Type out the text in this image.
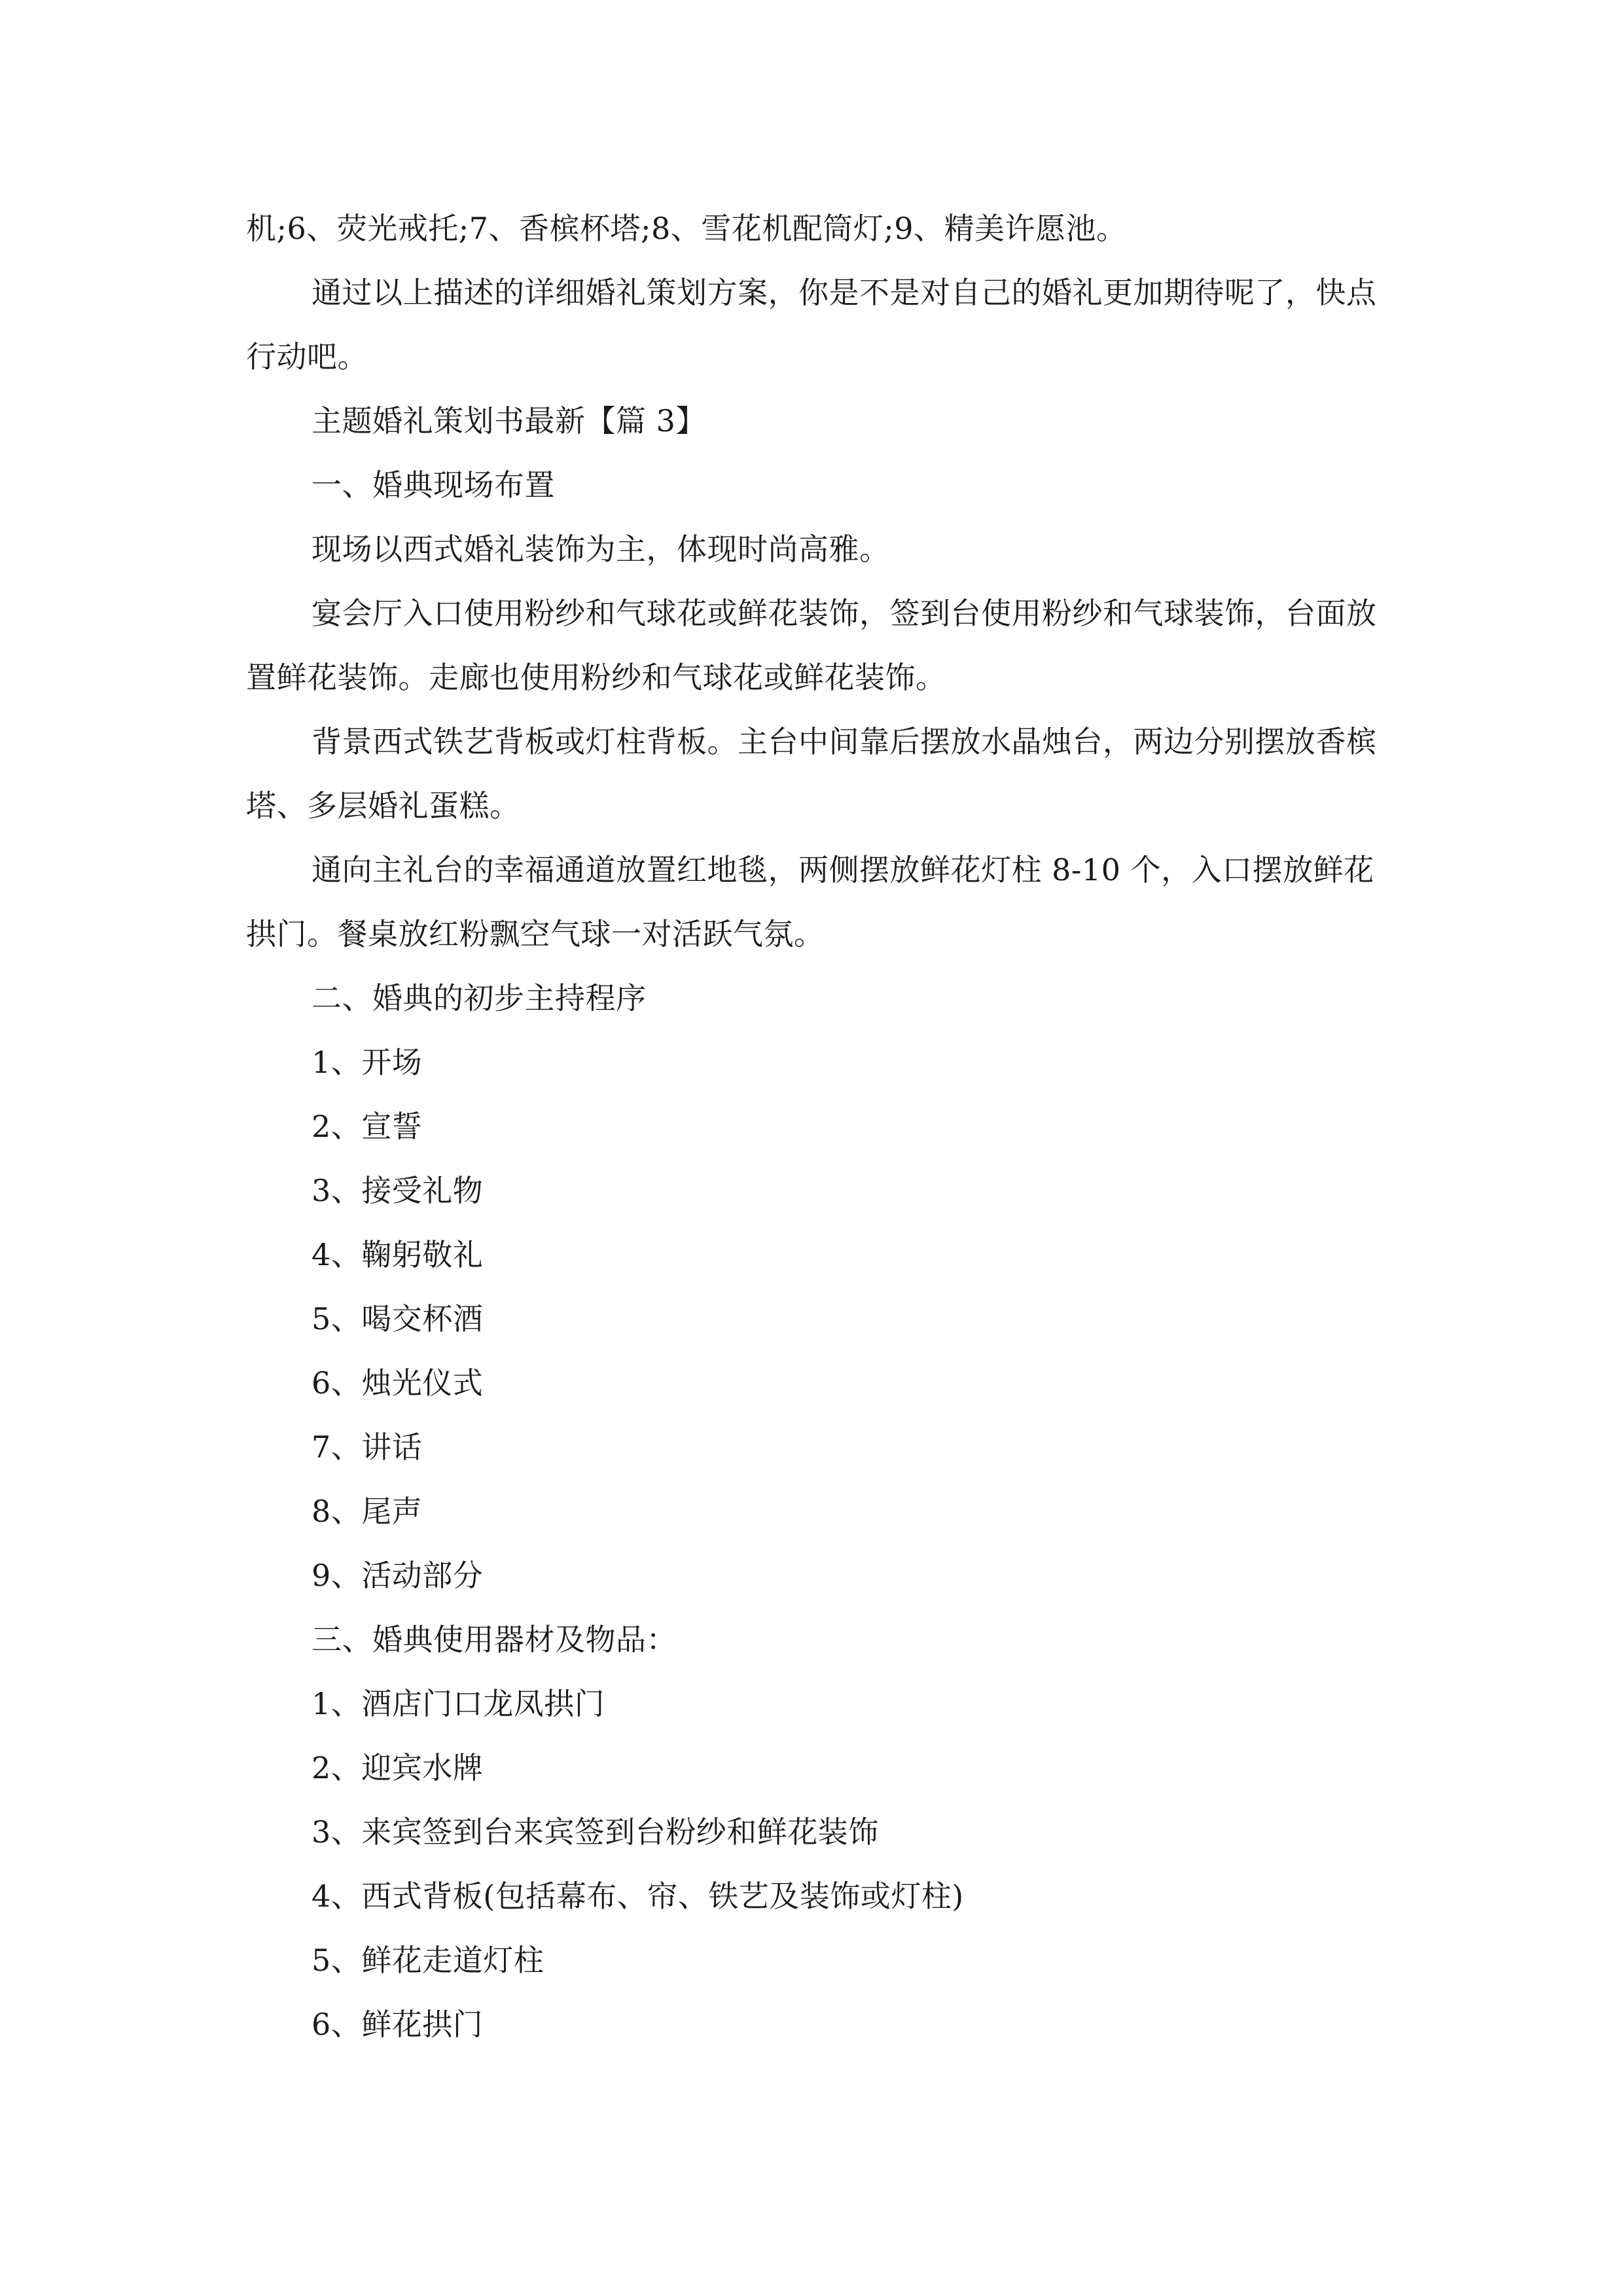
机;6、荧光戒托;7、香槟杯塔;8、雪花机配筒灯;9、精美许愿池。

通过以上描述的详细婚礼策划方案，你是不是对自己的婚礼更加期待呢了，快点行动吧。

主题婚礼策划书最新【篇 3】

一、婚典现场布置

现场以西式婚礼装饰为主，体现时尚高雅。

宴会厅入口使用粉纱和气球花或鲜花装饰，签到台使用粉纱和气球装饰，台面放置鲜花装饰。走廊也使用粉纱和气球花或鲜花装饰。

背景西式铁艺背板或灯柱背板。主台中间靠后摆放水晶烛台，两边分别摆放香槟塔、多层婚礼蛋糕。

通向主礼台的幸福通道放置红地毯，两侧摆放鲜花灯柱 8-10 个，入口摆放鲜花拱门。餐桌放红粉飘空气球一对活跃气氛。

二、婚典的初步主持程序

1、开场

2、宣誓

3、接受礼物

4、鞠躬敬礼

5、喝交杯酒

6、烛光仪式

7、讲话

8、尾声

9、活动部分

三、婚典使用器材及物品：

1、酒店门口龙凤拱门

2、迎宾水牌

3、来宾签到台来宾签到台粉纱和鲜花装饰

4、西式背板(包括幕布、帘、铁艺及装饰或灯柱)

5、鲜花走道灯柱

6、鲜花拱门
